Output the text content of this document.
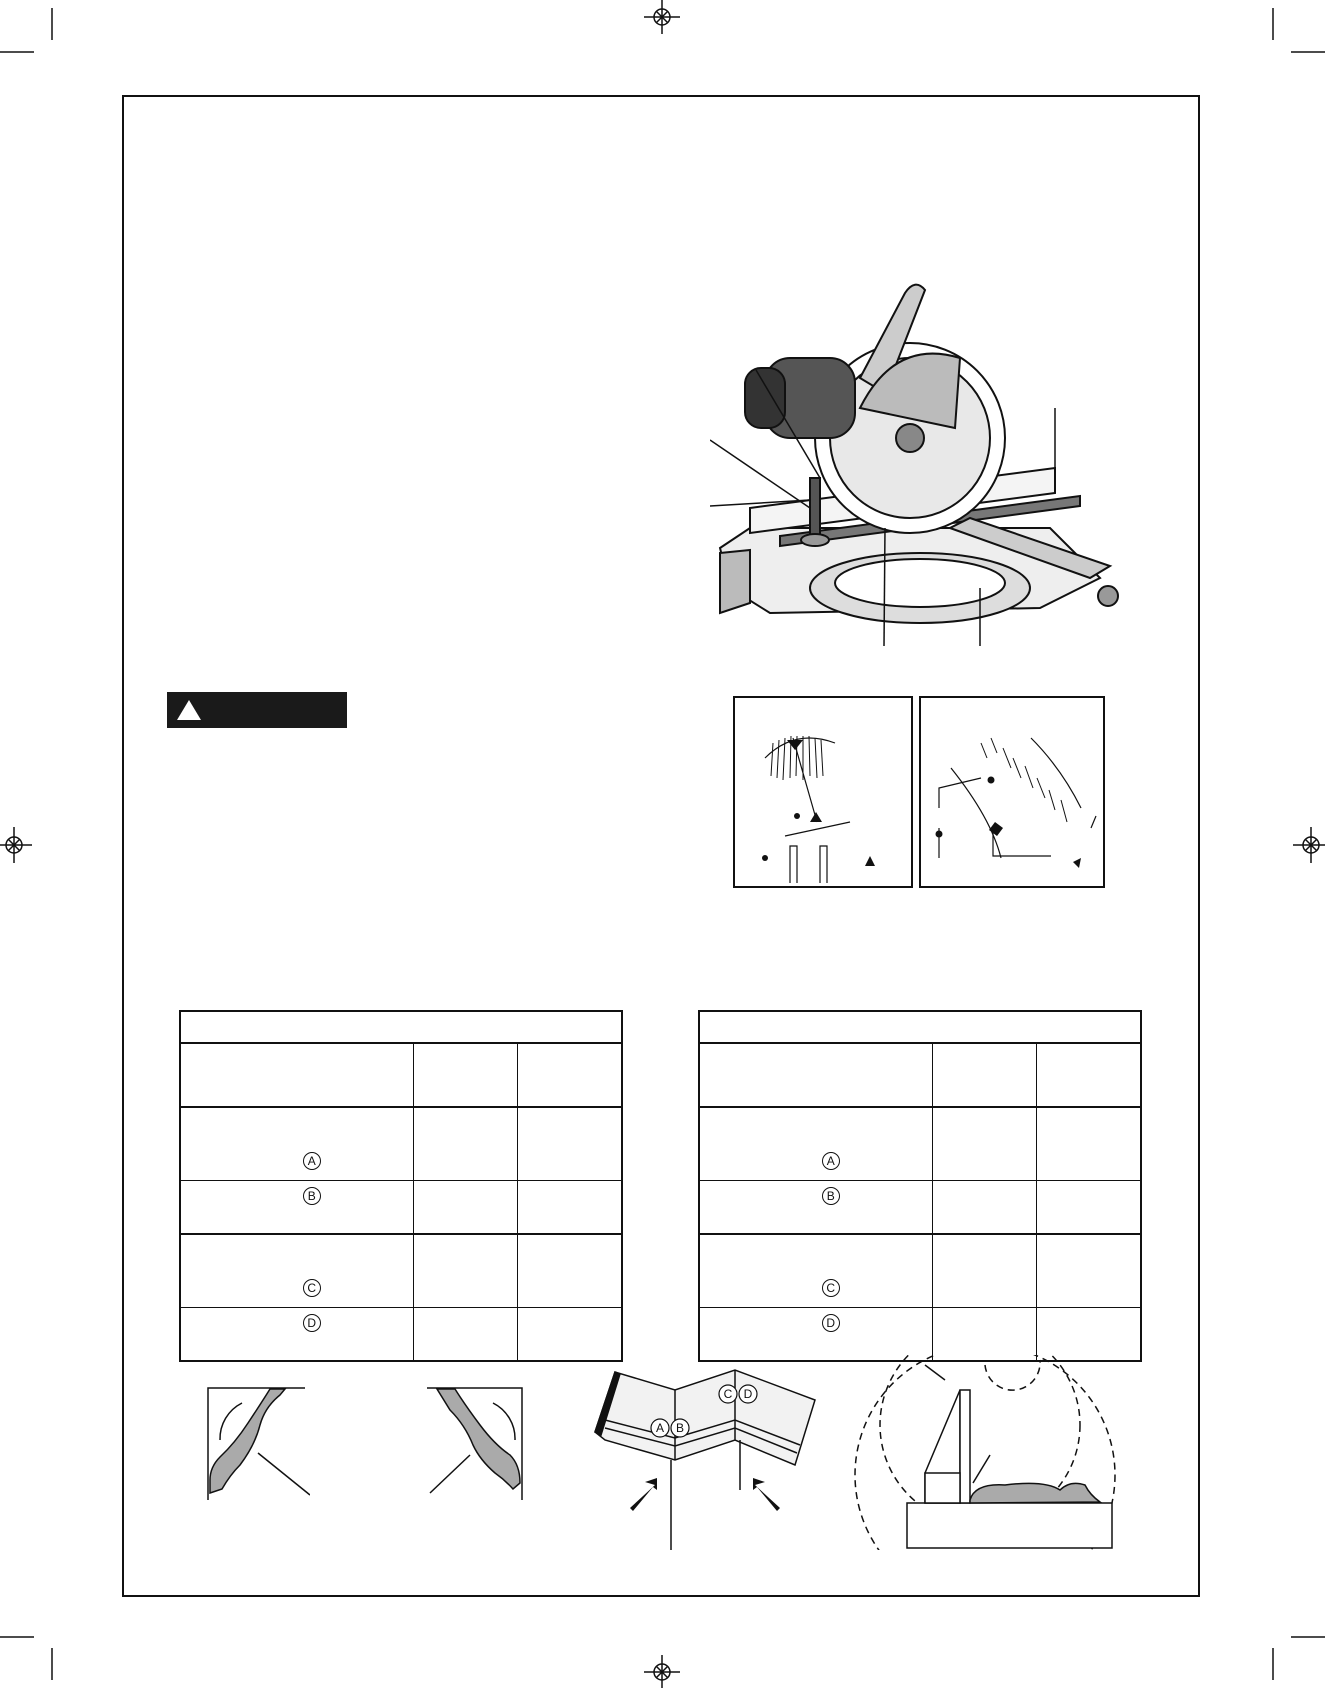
A		
B		
C		
D		

A		
B		
C		
D		
A B
C D
